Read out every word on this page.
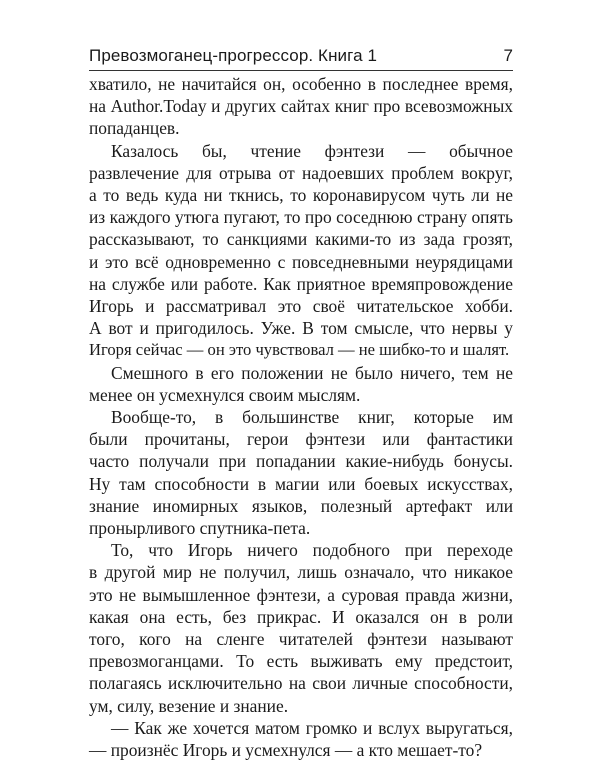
Превозмоганец-прогрессор. Книга 1	7
хватило, не начитайся он, особенно в последнее время,
на Author.Today и других сайтах книг про всевозможных
попаданцев.
Казалось бы, чтение фэнтези — обычное
развлечение для отрыва от надоевших проблем вокруг,
а то ведь куда ни ткнись, то коронавирусом чуть ли не
из каждого утюга пугают, то про соседнюю страну опять
рассказывают, то санкциями какими-то из зада грозят,
и это всё одновременно с повседневными неурядицами
на службе или работе. Как приятное времяпровождение
Игорь и рассматривал это своё читательское хобби.
А вот и пригодилось. Уже. В том смысле, что нервы у
Игоря сейчас — он это чувствовал — не шибко-то и шалят.
Смешного в его положении не было ничего, тем не
менее он усмехнулся своим мыслям.
Вообще-то, в большинстве книг, которые им
были прочитаны, герои фэнтези или фантастики
часто получали при попадании какие-нибудь бонусы.
Ну там способности в магии или боевых искусствах,
знание иномирных языков, полезный артефакт или
пронырливого спутника-пета.
То, что Игорь ничего подобного при переходе
в другой мир не получил, лишь означало, что никакое
это не вымышленное фэнтези, а суровая правда жизни,
какая она есть, без прикрас. И оказался он в роли
того, кого на сленге читателей фэнтези называют
превозмоганцами. То есть выживать ему предстоит,
полагаясь исключительно на свои личные способности,
ум, силу, везение и знание.
— Как же хочется матом громко и вслух выругаться,
— произнёс Игорь и усмехнулся — а кто мешает-то?
